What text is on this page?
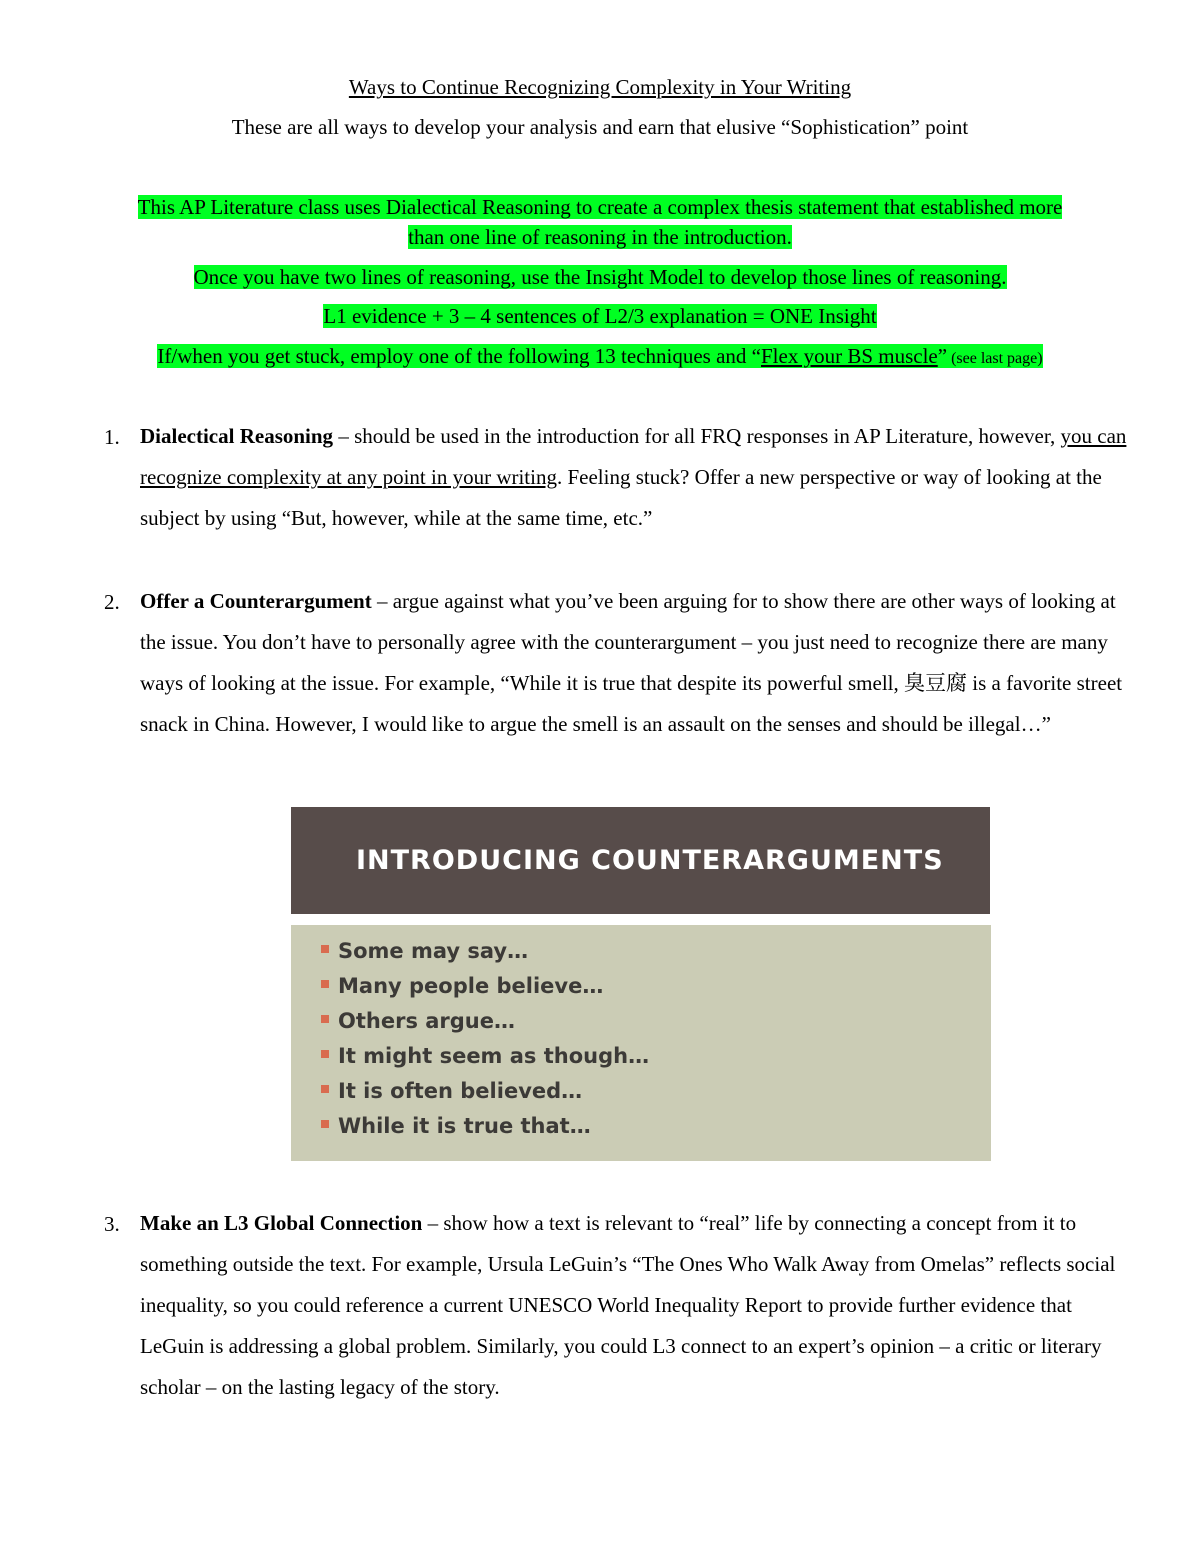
Ways to Continue Recognizing Complexity in Your Writing
These are all ways to develop your analysis and earn that elusive “Sophistication” point
This AP Literature class uses Dialectical Reasoning to create a complex thesis statement that established more
than one line of reasoning in the introduction.
Once you have two lines of reasoning, use the Insight Model to develop those lines of reasoning.
L1 evidence + 3 – 4 sentences of L2/3 explanation = ONE Insight
If/when you get stuck, employ one of the following 13 techniques and “Flex your BS muscle” (see last page)
1. Dialectical Reasoning – should be used in the introduction for all FRQ responses in AP Literature, however, you can recognize complexity at any point in your writing. Feeling stuck? Offer a new perspective or way of looking at the subject by using “But, however, while at the same time, etc.”
2. Offer a Counterargument – argue against what you’ve been arguing for to show there are other ways of looking at the issue. You don’t have to personally agree with the counterargument – you just need to recognize there are many ways of looking at the issue. For example, “While it is true that despite its powerful smell, 臭豆腐 is a favorite street snack in China. However, I would like to argue the smell is an assault on the senses and should be illegal…”
INTRODUCING COUNTERARGUMENTS
Some may say…
Many people believe…
Others argue…
It might seem as though…
It is often believed…
While it is true that…
3. Make an L3 Global Connection – show how a text is relevant to “real” life by connecting a concept from it to something outside the text. For example, Ursula LeGuin’s “The Ones Who Walk Away from Omelas” reflects social inequality, so you could reference a current UNESCO World Inequality Report to provide further evidence that LeGuin is addressing a global problem. Similarly, you could L3 connect to an expert’s opinion – a critic or literary scholar – on the lasting legacy of the story.
